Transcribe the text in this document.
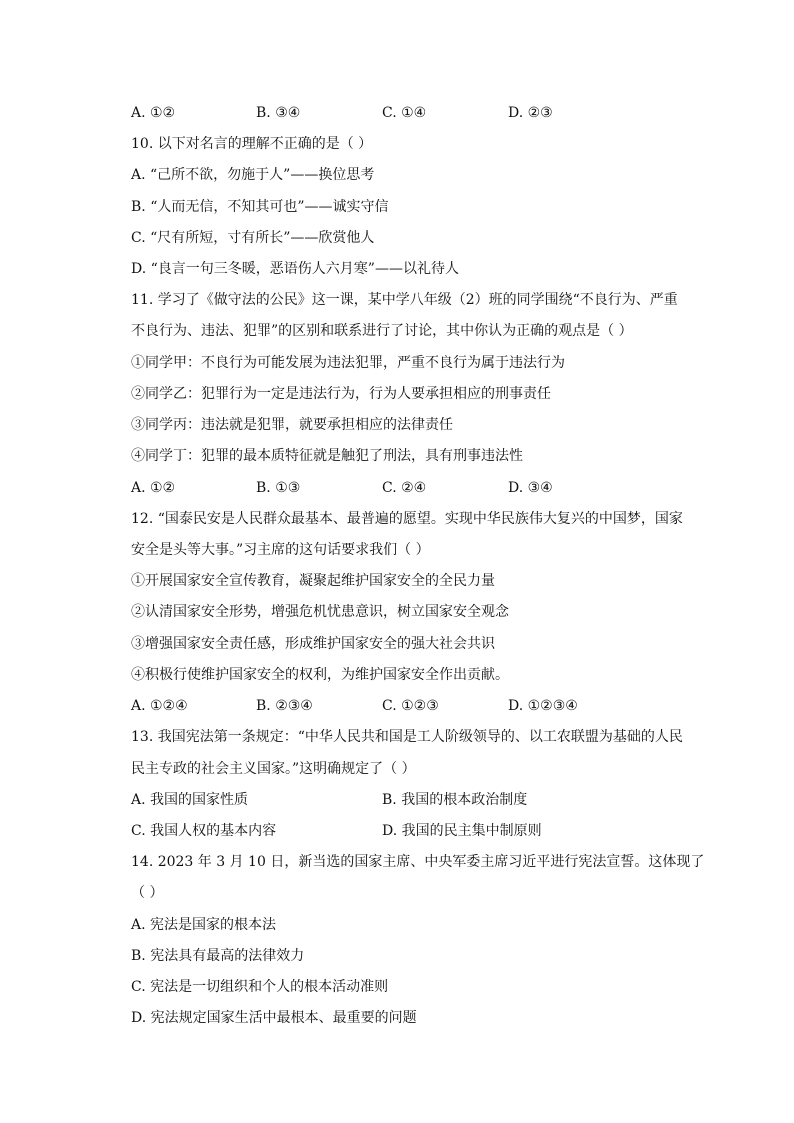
A. ①②	B. ③④	C. ①④	D. ②③
10. 以下对名言的理解不正确的是（ ）
A. “己所不欲，勿施于人”——换位思考
B. “人而无信，不知其可也”——诚实守信
C. “尺有所短，寸有所长”——欣赏他人
D. “良言一句三冬暖，恶语伤人六月寒”——以礼待人
11. 学习了《做守法的公民》这一课，某中学八年级（2）班的同学围绕“不良行为、严重
不良行为、违法、犯罪”的区别和联系进行了讨论，其中你认为正确的观点是（ ）
①同学甲：不良行为可能发展为违法犯罪，严重不良行为属于违法行为
②同学乙：犯罪行为一定是违法行为，行为人要承担相应的刑事责任
③同学丙：违法就是犯罪，就要承担相应的法律责任
④同学丁：犯罪的最本质特征就是触犯了刑法，具有刑事违法性
A. ①②	B. ①③	C. ②④	D. ③④
12. “国泰民安是人民群众最基本、最普遍的愿望。实现中华民族伟大复兴的中国梦，国家
安全是头等大事。”习主席的这句话要求我们（ ）
①开展国家安全宣传教育，凝聚起维护国家安全的全民力量
②认清国家安全形势，增强危机忧患意识，树立国家安全观念
③增强国家安全责任感，形成维护国家安全的强大社会共识
④积极行使维护国家安全的权利，为维护国家安全作出贡献。
A. ①②④	B. ②③④	C. ①②③	D. ①②③④
13. 我国宪法第一条规定：“中华人民共和国是工人阶级领导的、以工农联盟为基础的人民
民主专政的社会主义国家。”这明确规定了（ ）
A. 我国的国家性质	B. 我国的根本政治制度
C. 我国人权的基本内容	D. 我国的民主集中制原则
14. 2023 年 3 月 10 日，新当选的国家主席、中央军委主席习近平进行宪法宣誓。这体现了
（ ）
A. 宪法是国家的根本法
B. 宪法具有最高的法律效力
C. 宪法是一切组织和个人的根本活动准则
D. 宪法规定国家生活中最根本、最重要的问题
